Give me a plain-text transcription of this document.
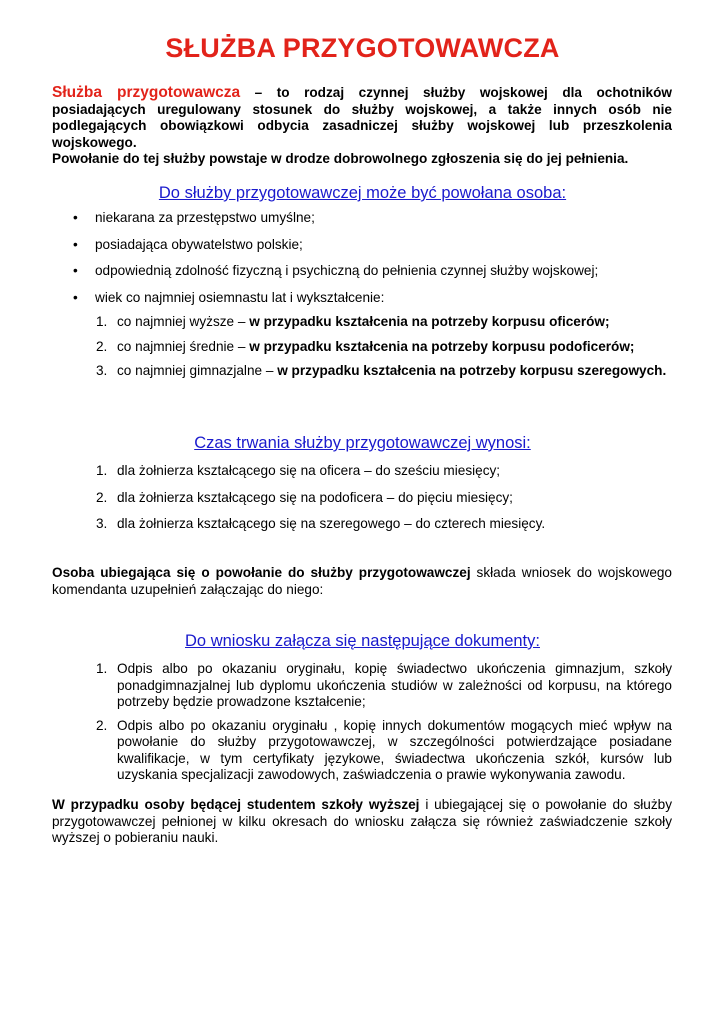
SŁUŻBA PRZYGOTOWAWCZA
Służba przygotowawcza – to rodzaj czynnej służby wojskowej dla ochotników posiadających uregulowany stosunek do służby wojskowej, a także innych osób nie podlegających obowiązkowi odbycia zasadniczej służby wojskowej lub przeszkolenia wojskowego.
Powołanie do tej służby powstaje w drodze dobrowolnego zgłoszenia się do jej pełnienia.
Do służby przygotowawczej może być powołana osoba:
• niekarana za przestępstwo umyślne;
• posiadająca obywatelstwo polskie;
• odpowiednią zdolność fizyczną i psychiczną do pełnienia czynnej służby wojskowej;
• wiek co najmniej osiemnastu lat i wykształcenie:
1. co najmniej wyższe – w przypadku kształcenia na potrzeby korpusu oficerów;
2. co najmniej średnie – w przypadku kształcenia na potrzeby korpusu podoficerów;
3. co najmniej gimnazjalne – w przypadku kształcenia na potrzeby korpusu szeregowych.
Czas trwania służby przygotowawczej wynosi:
1. dla żołnierza kształcącego się na oficera – do sześciu miesięcy;
2. dla żołnierza kształcącego się na podoficera – do pięciu miesięcy;
3. dla żołnierza kształcącego się na szeregowego – do czterech miesięcy.
Osoba ubiegająca się o powołanie do służby przygotowawczej składa wniosek do wojskowego komendanta uzupełnień załączając do niego:
Do wniosku załącza się następujące dokumenty:
1. Odpis albo po okazaniu oryginału, kopię świadectwo ukończenia gimnazjum, szkoły ponadgimnazjalnej lub dyplomu ukończenia studiów w zależności od korpusu, na którego potrzeby będzie prowadzone kształcenie;
2. Odpis albo po okazaniu oryginału , kopię innych dokumentów mogących mieć wpływ na powołanie do służby przygotowawczej, w szczególności potwierdzające posiadane kwalifikacje, w tym certyfikaty językowe, świadectwa ukończenia szkół, kursów lub uzyskania specjalizacji zawodowych, zaświadczenia o prawie wykonywania zawodu.
W przypadku osoby będącej studentem szkoły wyższej i ubiegającej się o powołanie do służby przygotowawczej pełnionej w kilku okresach do wniosku załącza się również zaświadczenie szkoły wyższej o pobieraniu nauki.
